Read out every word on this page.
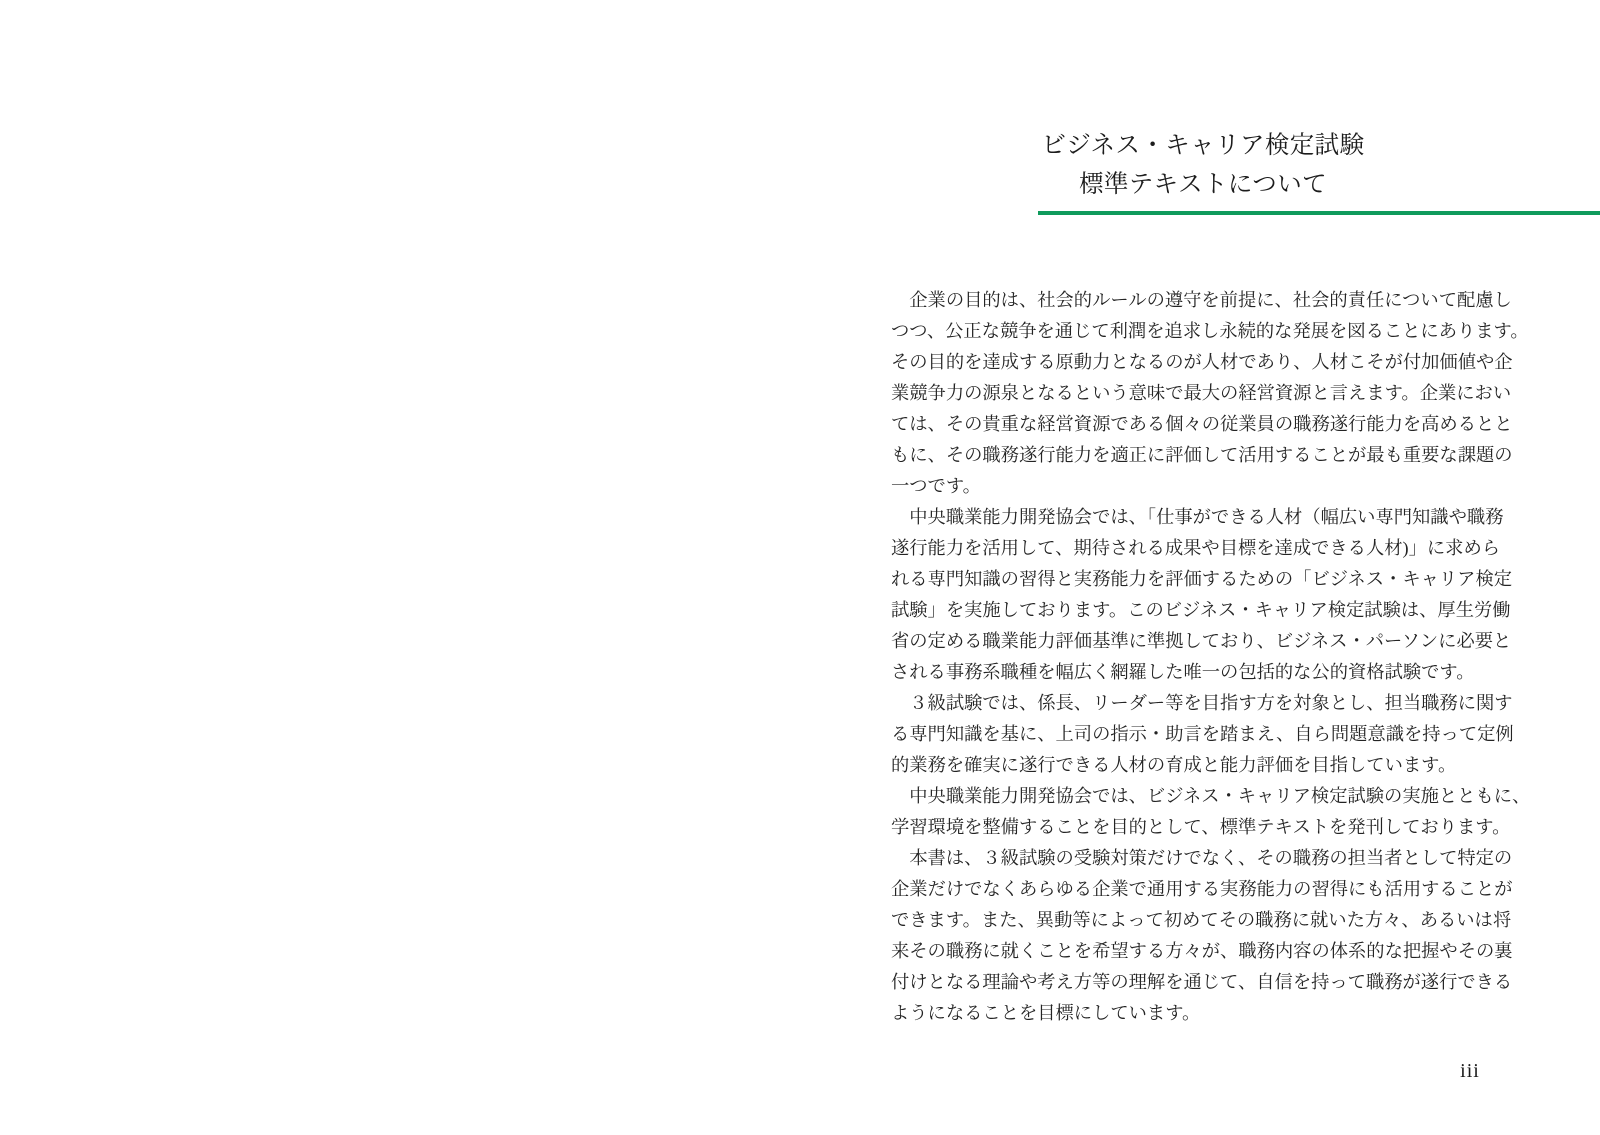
ビジネス・キャリア検定試験
標準テキストについて
　企業の目的は、社会的ルールの遵守を前提に、社会的責任について配慮し
つつ、公正な競争を通じて利潤を追求し永続的な発展を図ることにあります。
その目的を達成する原動力となるのが人材であり、人材こそが付加価値や企
業競争力の源泉となるという意味で最大の経営資源と言えます。企業におい
ては、その貴重な経営資源である個々の従業員の職務遂行能力を高めるとと
もに、その職務遂行能力を適正に評価して活用することが最も重要な課題の
一つです。
　中央職業能力開発協会では、「仕事ができる人材（幅広い専門知識や職務
遂行能力を活用して、期待される成果や目標を達成できる人材)」に求めら
れる専門知識の習得と実務能力を評価するための「ビジネス・キャリア検定
試験」を実施しております。このビジネス・キャリア検定試験は、厚生労働
省の定める職業能力評価基準に準拠しており、ビジネス・パーソンに必要と
される事務系職種を幅広く網羅した唯一の包括的な公的資格試験です。
　３級試験では、係長、リーダー等を目指す方を対象とし、担当職務に関す
る専門知識を基に、上司の指示・助言を踏まえ、自ら問題意識を持って定例
的業務を確実に遂行できる人材の育成と能力評価を目指しています。
　中央職業能力開発協会では、ビジネス・キャリア検定試験の実施とともに、
学習環境を整備することを目的として、標準テキストを発刊しております。
　本書は、３級試験の受験対策だけでなく、その職務の担当者として特定の
企業だけでなくあらゆる企業で通用する実務能力の習得にも活用することが
できます。また、異動等によって初めてその職務に就いた方々、あるいは将
来その職務に就くことを希望する方々が、職務内容の体系的な把握やその裏
付けとなる理論や考え方等の理解を通じて、自信を持って職務が遂行できる
ようになることを目標にしています。
iii
